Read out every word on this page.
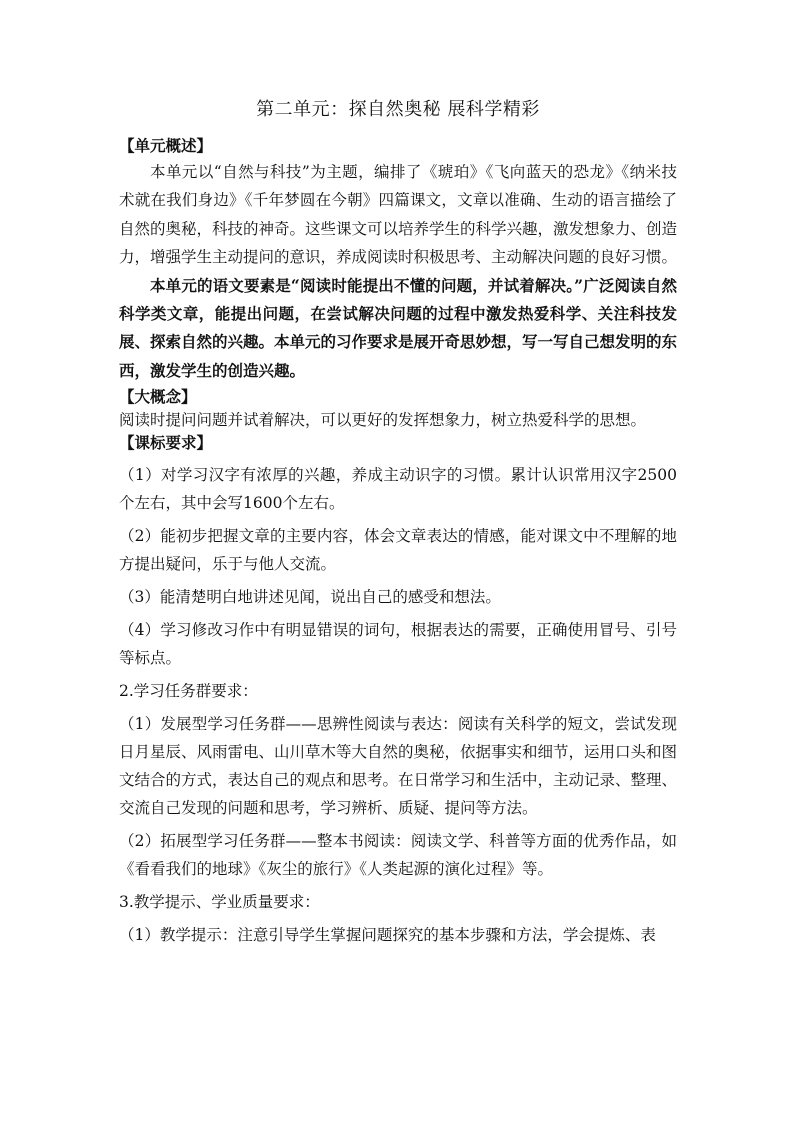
第二单元：探自然奥秘 展科学精彩
【单元概述】

本单元以“自然与科技”为主题，编排了《琥珀》《飞向蓝天的恐龙》《纳米技术就在我们身边》《千年梦圆在今朝》四篇课文，文章以准确、生动的语言描绘了自然的奥秘，科技的神奇。这些课文可以培养学生的科学兴趣，激发想象力、创造力，增强学生主动提问的意识，养成阅读时积极思考、主动解决问题的良好习惯。

本单元的语文要素是“阅读时能提出不懂的问题，并试着解决。”广泛阅读自然科学类文章，能提出问题，在尝试解决问题的过程中激发热爱科学、关注科技发展、探索自然的兴趣。本单元的习作要求是展开奇思妙想，写一写自己想发明的东西，激发学生的创造兴趣。

【大概念】

阅读时提问问题并试着解决，可以更好的发挥想象力，树立热爱科学的思想。

【课标要求】

（1）对学习汉字有浓厚的兴趣，养成主动识字的习惯。累计认识常用汉字2500个左右，其中会写1600个左右。

（2）能初步把握文章的主要内容，体会文章表达的情感，能对课文中不理解的地方提出疑问，乐于与他人交流。

（3）能清楚明白地讲述见闻，说出自己的感受和想法。

（4）学习修改习作中有明显错误的词句，根据表达的需要，正确使用冒号、引号等标点。

2.学习任务群要求：

（1）发展型学习任务群——思辨性阅读与表达：阅读有关科学的短文，尝试发现日月星辰、风雨雷电、山川草木等大自然的奥秘，依据事实和细节，运用口头和图文结合的方式，表达自己的观点和思考。在日常学习和生活中，主动记录、整理、交流自己发现的问题和思考，学习辨析、质疑、提问等方法。

（2）拓展型学习任务群——整本书阅读：阅读文学、科普等方面的优秀作品，如《看看我们的地球》《灰尘的旅行》《人类起源的演化过程》等。

3.教学提示、学业质量要求：

（1）教学提示：注意引导学生掌握问题探究的基本步骤和方法，学会提炼、表
